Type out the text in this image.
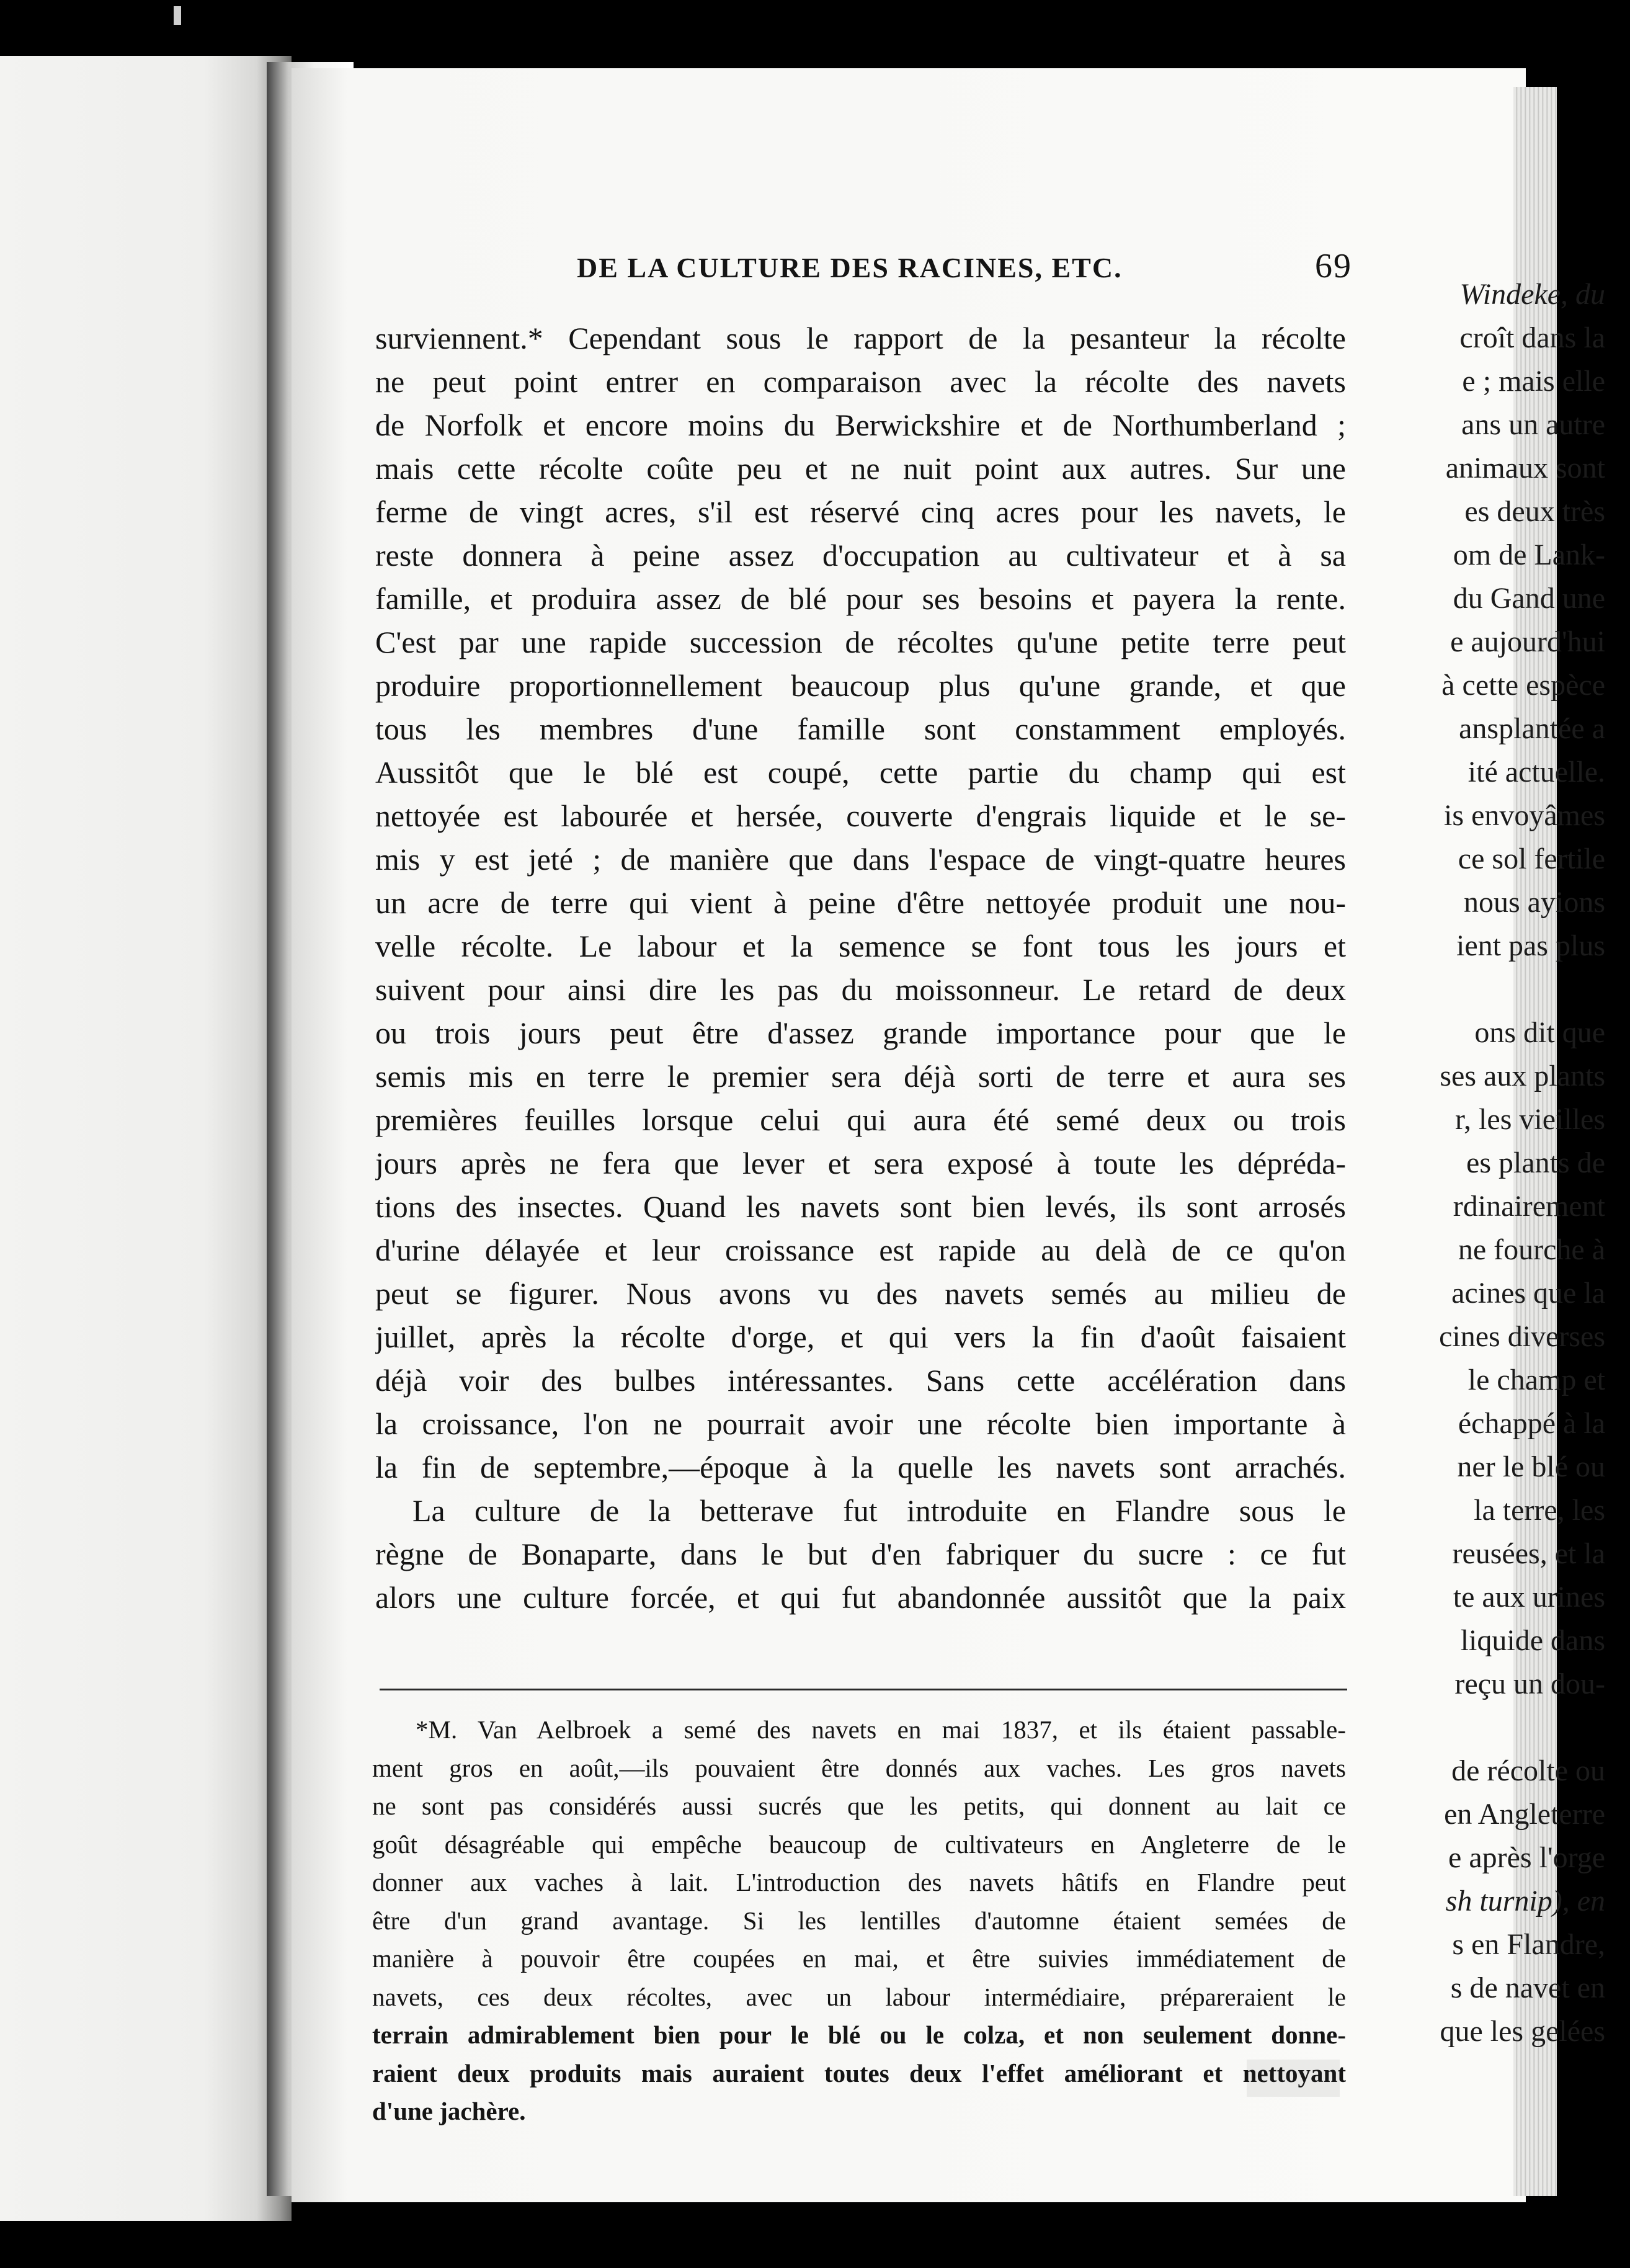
Windeke, du
croît dans la
e ; mais elle
ans un autre
animaux sont
es deux très
om de Lank-
du Gand une
e aujourd'hui
à cette espèce
ansplantée a
ité actuelle.
is envoyâmes
ce sol fertile
nous ayions
ient pas plus
ons dit que
ses aux plants
r, les vieilles
es plants de
rdinairement
ne fourche à
acines que la
cines diverses
le champ et
échappé à la
ner le blé ou
la terre, les
reusées, et la
te aux urines
liquide dans
reçu un dou-
de récolte ou
en Angleterre
e après l'orge
sh turnip), en
s en Flandre,
s de navet en
que les gelées
DE LA CULTURE DES RACINES, ETC.	69
surviennent.* Cependant sous le rapport de la pesanteur la récolte
ne peut point entrer en comparaison avec la récolte des navets
de Norfolk et encore moins du Berwickshire et de Northumberland ;
mais cette récolte coûte peu et ne nuit point aux autres. Sur une
ferme de vingt acres, s'il est réservé cinq acres pour les navets, le
reste donnera à peine assez d'occupation au cultivateur et à sa
famille, et produira assez de blé pour ses besoins et payera la rente.
C'est par une rapide succession de récoltes qu'une petite terre peut
produire proportionnellement beaucoup plus qu'une grande, et que
tous les membres d'une famille sont constamment employés.
Aussitôt que le blé est coupé, cette partie du champ qui est
nettoyée est labourée et hersée, couverte d'engrais liquide et le se-
mis y est jeté ; de manière que dans l'espace de vingt-quatre heures
un acre de terre qui vient à peine d'être nettoyée produit une nou-
velle récolte. Le labour et la semence se font tous les jours et
suivent pour ainsi dire les pas du moissonneur. Le retard de deux
ou trois jours peut être d'assez grande importance pour que le
semis mis en terre le premier sera déjà sorti de terre et aura ses
premières feuilles lorsque celui qui aura été semé deux ou trois
jours après ne fera que lever et sera exposé à toute les dépréda-
tions des insectes. Quand les navets sont bien levés, ils sont arrosés
d'urine délayée et leur croissance est rapide au delà de ce qu'on
peut se figurer. Nous avons vu des navets semés au milieu de
juillet, après la récolte d'orge, et qui vers la fin d'août faisaient
déjà voir des bulbes intéressantes. Sans cette accélération dans
la croissance, l'on ne pourrait avoir une récolte bien importante à
la fin de septembre,—époque à la quelle les navets sont arrachés.
La culture de la betterave fut introduite en Flandre sous le
règne de Bonaparte, dans le but d'en fabriquer du sucre : ce fut
alors une culture forcée, et qui fut abandonnée aussitôt que la paix
*M. Van Aelbroek a semé des navets en mai 1837, et ils étaient passable-
ment gros en août,—ils pouvaient être donnés aux vaches. Les gros navets
ne sont pas considérés aussi sucrés que les petits, qui donnent au lait ce
goût désagréable qui empêche beaucoup de cultivateurs en Angleterre de le
donner aux vaches à lait. L'introduction des navets hâtifs en Flandre peut
être d'un grand avantage. Si les lentilles d'automne étaient semées de
manière à pouvoir être coupées en mai, et être suivies immédiatement de
navets, ces deux récoltes, avec un labour intermédiaire, prépareraient le
terrain admirablement bien pour le blé ou le colza, et non seulement donne-
raient deux produits mais auraient toutes deux l'effet améliorant et nettoyant
d'une jachère.
